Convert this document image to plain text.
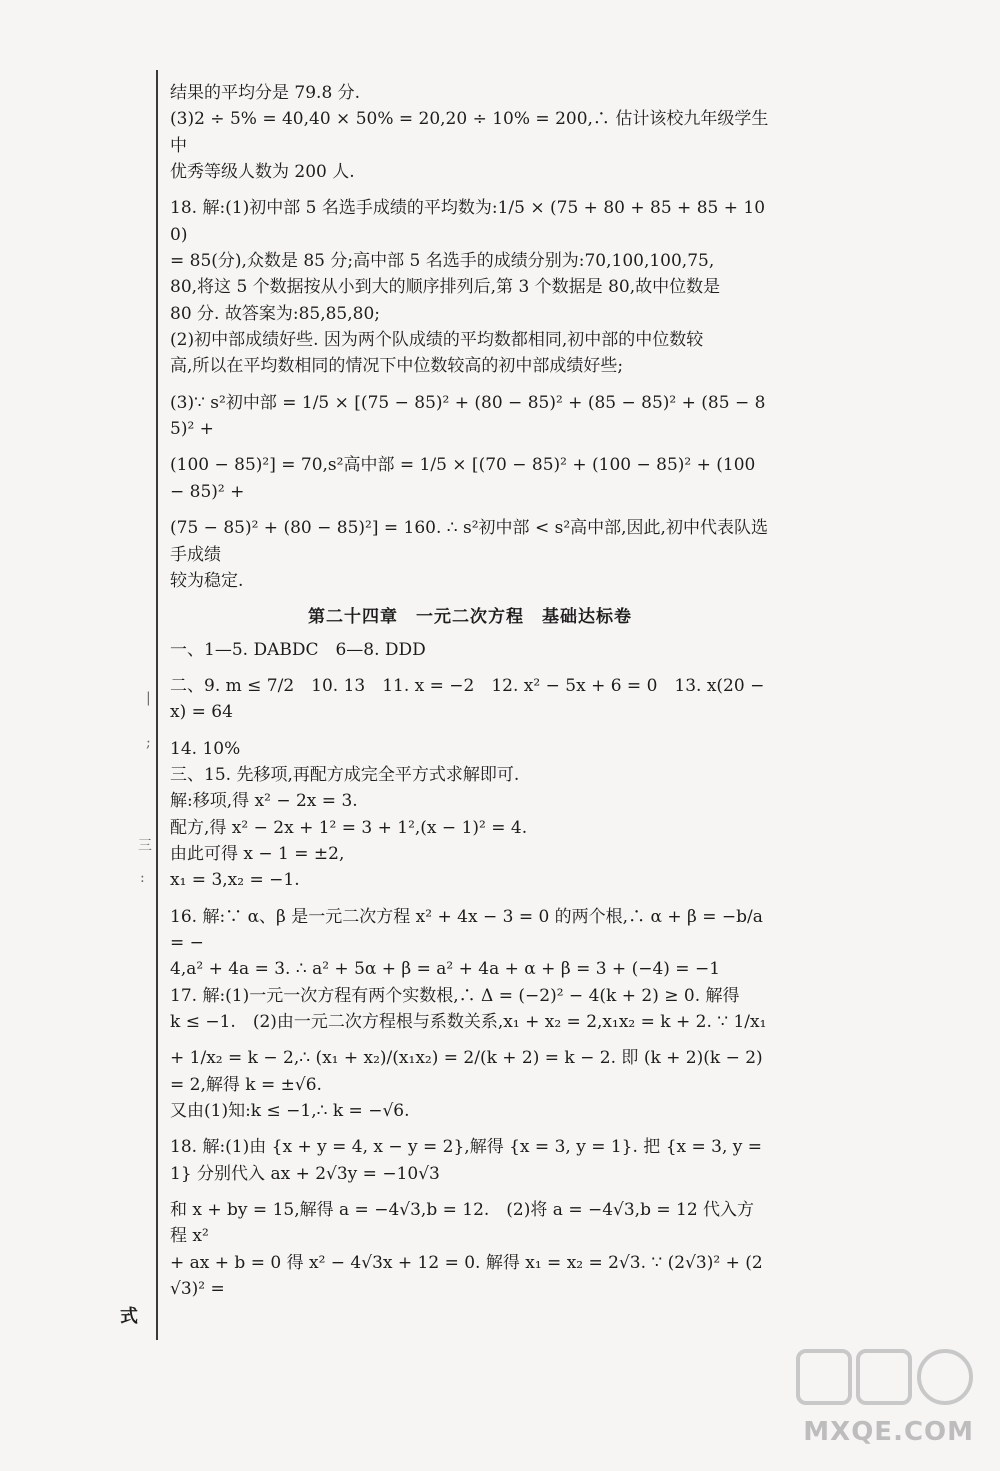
|
;
三
:

结果的平均分是 79.8 分.

(3)2 ÷ 5% = 40,40 × 50% = 20,20 ÷ 10% = 200,∴ 估计该校九年级学生中

优秀等级人数为 200 人.

18. 解:(1)初中部 5 名选手成绩的平均数为:1/5 × (75 + 80 + 85 + 85 + 100)

= 85(分),众数是 85 分;高中部 5 名选手的成绩分别为:70,100,100,75,

80,将这 5 个数据按从小到大的顺序排列后,第 3 个数据是 80,故中位数是

80 分. 故答案为:85,85,80;

(2)初中部成绩好些. 因为两个队成绩的平均数都相同,初中部的中位数较

高,所以在平均数相同的情况下中位数较高的初中部成绩好些;

(3)∵ s²初中部 = 1/5 × [(75 − 85)² + (80 − 85)² + (85 − 85)² + (85 − 85)² +

(100 − 85)²] = 70,s²高中部 = 1/5 × [(70 − 85)² + (100 − 85)² + (100 − 85)² +

(75 − 85)² + (80 − 85)²] = 160. ∴ s²初中部 < s²高中部,因此,初中代表队选手成绩

较为稳定.

第二十四章　一元二次方程　基础达标卷

一、1—5. DABDC　6—8. DDD

二、9. m ≤ 7/2　10. 13　11. x = −2　12. x² − 5x + 6 = 0　13. x(20 − x) = 64

14. 10%

三、15. 先移项,再配方成完全平方式求解即可.

解:移项,得 x² − 2x = 3.

配方,得 x² − 2x + 1² = 3 + 1²,(x − 1)² = 4.

由此可得 x − 1 = ±2,

x₁ = 3,x₂ = −1.

16. 解:∵ α、β 是一元二次方程 x² + 4x − 3 = 0 的两个根,∴ α + β = −b/a = −

4,a² + 4a = 3. ∴ a² + 5α + β = a² + 4a + α + β = 3 + (−4) = −1

17. 解:(1)一元一次方程有两个实数根,∴ Δ = (−2)² − 4(k + 2) ≥ 0. 解得

k ≤ −1.　(2)由一元二次方程根与系数关系,x₁ + x₂ = 2,x₁x₂ = k + 2. ∵ 1/x₁

+ 1/x₂ = k − 2,∴ (x₁ + x₂)/(x₁x₂) = 2/(k + 2) = k − 2. 即 (k + 2)(k − 2) = 2,解得 k = ±√6.

又由(1)知:k ≤ −1,∴ k = −√6.

18. 解:(1)由 {x + y = 4, x − y = 2},解得 {x = 3, y = 1}. 把 {x = 3, y = 1} 分别代入 ax + 2√3y = −10√3

和 x + by = 15,解得 a = −4√3,b = 12.　(2)将 a = −4√3,b = 12 代入方程 x²

+ ax + b = 0 得 x² − 4√3x + 12 = 0. 解得 x₁ = x₂ = 2√3. ∵ (2√3)² + (2√3)² =

式
MXQE.COM
